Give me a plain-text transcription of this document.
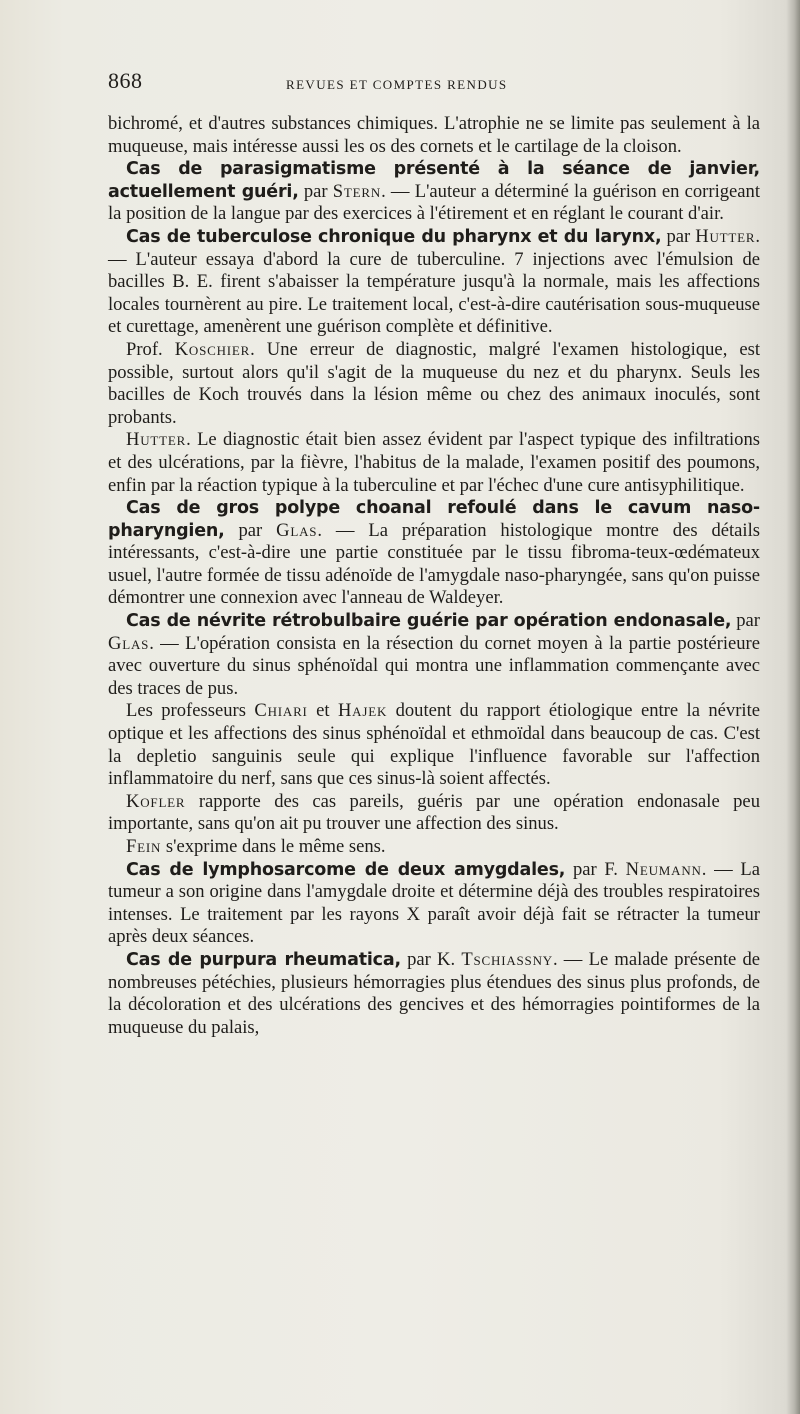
868	REVUES ET COMPTES RENDUS

bichromé, et d'autres substances chimiques. L'atrophie ne se limite pas seulement à la muqueuse, mais intéresse aussi les os des cornets et le cartilage de la cloison.

Cas de parasigmatisme présenté à la séance de janvier, actuellement guéri, par Stern. — L'auteur a déterminé la guérison en corrigeant la position de la langue par des exercices à l'étirement et en réglant le courant d'air.

Cas de tuberculose chronique du pharynx et du larynx, par Hutter. — L'auteur essaya d'abord la cure de tuberculine. 7 injections avec l'émulsion de bacilles B. E. firent s'abaisser la température jusqu'à la normale, mais les affections locales tournèrent au pire. Le traitement local, c'est-à-dire cautérisation sous-muqueuse et curettage, amenèrent une guérison complète et définitive.

Prof. Koschier. Une erreur de diagnostic, malgré l'examen histologique, est possible, surtout alors qu'il s'agit de la muqueuse du nez et du pharynx. Seuls les bacilles de Koch trouvés dans la lésion même ou chez des animaux inoculés, sont probants.

Hutter. Le diagnostic était bien assez évident par l'aspect typique des infiltrations et des ulcérations, par la fièvre, l'habitus de la malade, l'examen positif des poumons, enfin par la réaction typique à la tuberculine et par l'échec d'une cure antisyphilitique.

Cas de gros polype choanal refoulé dans le cavum naso-pharyngien, par Glas. — La préparation histologique montre des détails intéressants, c'est-à-dire une partie constituée par le tissu fibroma-teux-œdémateux usuel, l'autre formée de tissu adénoïde de l'amygdale naso-pharyngée, sans qu'on puisse démontrer une connexion avec l'anneau de Waldeyer.

Cas de névrite rétrobulbaire guérie par opération endonasale, par Glas. — L'opération consista en la résection du cornet moyen à la partie postérieure avec ouverture du sinus sphénoïdal qui montra une inflammation commençante avec des traces de pus.

Les professeurs Chiari et Hajek doutent du rapport étiologique entre la névrite optique et les affections des sinus sphénoïdal et ethmoïdal dans beaucoup de cas. C'est la depletio sanguinis seule qui explique l'influence favorable sur l'affection inflammatoire du nerf, sans que ces sinus-là soient affectés.

Kofler rapporte des cas pareils, guéris par une opération endonasale peu importante, sans qu'on ait pu trouver une affection des sinus.

Fein s'exprime dans le même sens.

Cas de lymphosarcome de deux amygdales, par F. Neumann. — La tumeur a son origine dans l'amygdale droite et détermine déjà des troubles respiratoires intenses. Le traitement par les rayons X paraît avoir déjà fait se rétracter la tumeur après deux séances.

Cas de purpura rheumatica, par K. Tschiassny. — Le malade présente de nombreuses pétéchies, plusieurs hémorragies plus étendues des sinus plus profonds, de la décoloration et des ulcérations des gencives et des hémorragies pointiformes de la muqueuse du palais,
